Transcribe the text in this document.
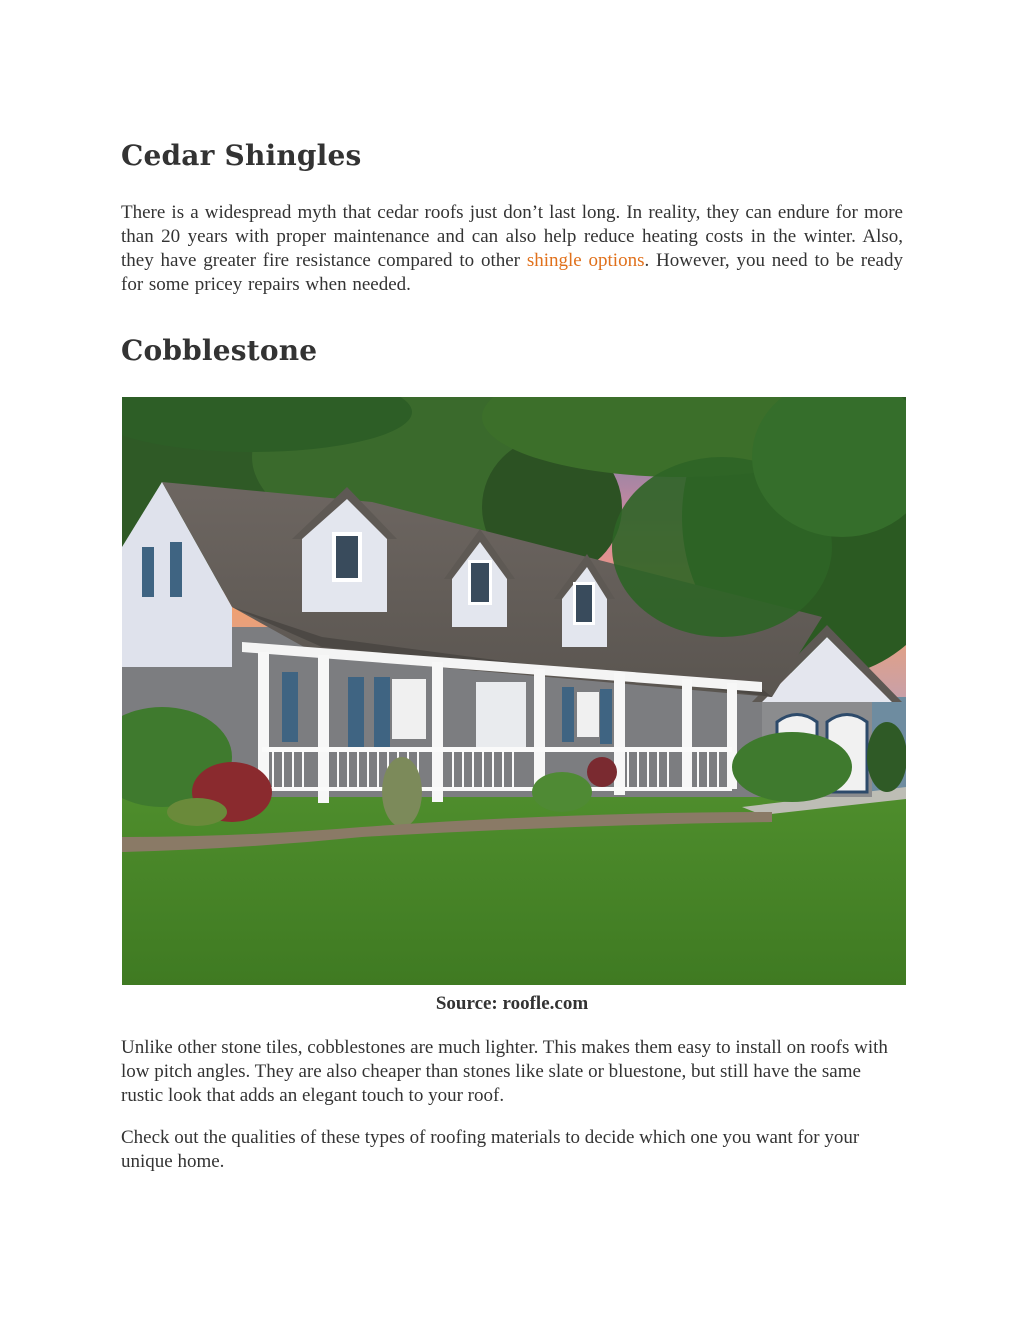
Cedar Shingles

There is a widespread myth that cedar roofs just don’t last long. In reality, they can endure for more than 20 years with proper maintenance and can also help reduce heating costs in the winter. Also, they have greater fire resistance compared to other shingle options. However, you need to be ready for some pricey repairs when needed.

Cobblestone
Source: roofle.com

Unlike other stone tiles, cobblestones are much lighter. This makes them easy to install on roofs with low pitch angles. They are also cheaper than stones like slate or bluestone, but still have the same rustic look that adds an elegant touch to your roof.

Check out the qualities of these types of roofing materials to decide which one you want for your unique home.
